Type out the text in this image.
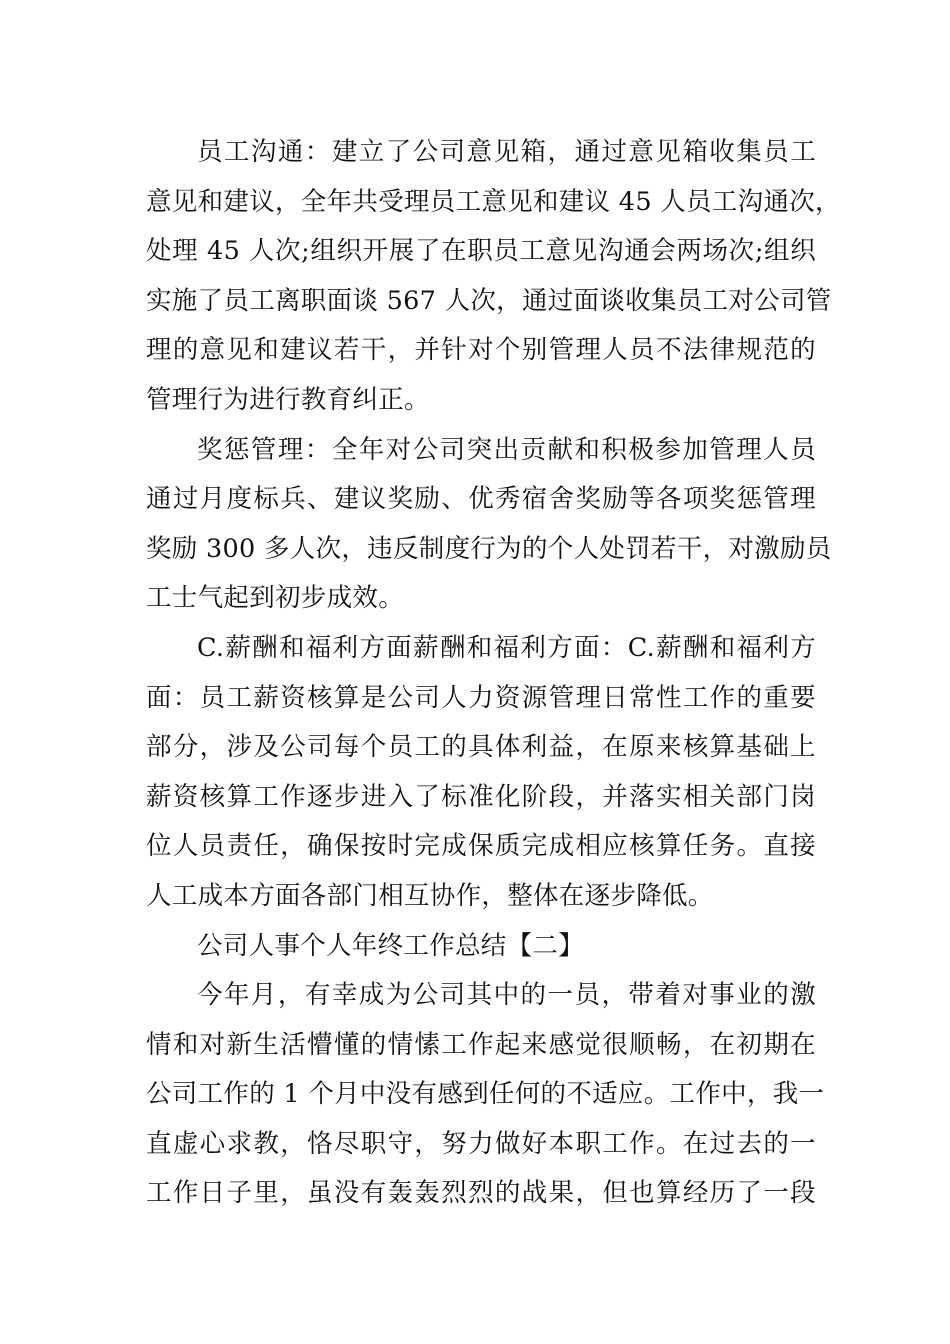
员工沟通：建立了公司意见箱，通过意见箱收集员工
意见和建议，全年共受理员工意见和建议 45 人员工沟通次，
处理 45 人次;组织开展了在职员工意见沟通会两场次;组织
实施了员工离职面谈 567 人次，通过面谈收集员工对公司管
理的意见和建议若干，并针对个别管理人员不法律规范的
管理行为进行教育纠正。
奖惩管理：全年对公司突出贡献和积极参加管理人员
通过月度标兵、建议奖励、优秀宿舍奖励等各项奖惩管理
奖励 300 多人次，违反制度行为的个人处罚若干，对激励员
工士气起到初步成效。
C.薪酬和福利方面薪酬和福利方面：C.薪酬和福利方
面：员工薪资核算是公司人力资源管理日常性工作的重要
部分，涉及公司每个员工的具体利益，在原来核算基础上
薪资核算工作逐步进入了标准化阶段，并落实相关部门岗
位人员责任，确保按时完成保质完成相应核算任务。直接
人工成本方面各部门相互协作，整体在逐步降低。
公司人事个人年终工作总结【二】
今年月，有幸成为公司其中的一员，带着对事业的激
情和对新生活懵懂的情愫工作起来感觉很顺畅，在初期在
公司工作的 1 个月中没有感到任何的不适应。工作中，我一
直虚心求教，恪尽职守，努力做好本职工作。在过去的一
工作日子里，虽没有轰轰烈烈的战果，但也算经历了一段
